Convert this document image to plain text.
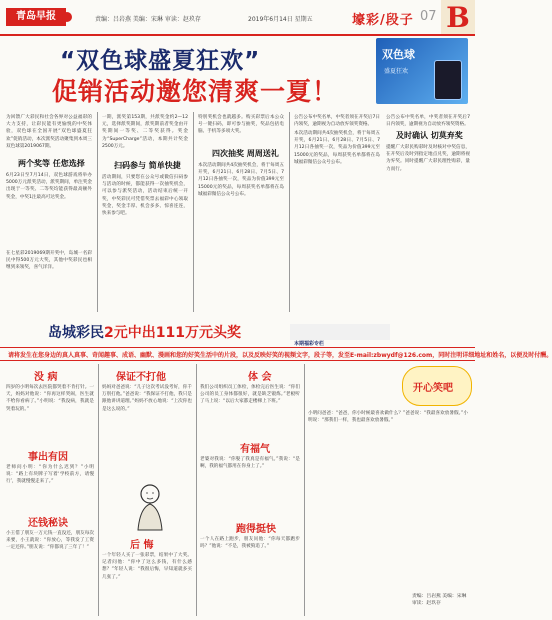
青岛早报	责编：吕岩燕 美编：宋琳 审读：赵玖存	2019年6月14日 星期五	壕彩/段子 07 B
“双色球盛夏狂欢”
促销活动邀您清爽一夏！
双色球
盛夏狂欢
为回馈广大彩民和社会各界对公益福彩的大力支持，让彩民能有更愉悦的中奖体验，双色球在全国开展“双色球盛夏狂欢”促销活动，本次派奖活动聚集到本周三双色球第2019067期。
两个奖等 任您选择
6月23日至7月14日，双色球游戏将举办5000万元派奖活动，派奖期间，单注奖金出现于一等奖、二等奖均能获得最高额外奖金，中奖1注最高可达奖金。
在七星彩2019069期开奖中，岛城一名彩民中得500万元大奖，其他中奖彩民也相继到来领奖，喜气洋洋。
一期，派奖第153期，共派奖金约2—12元，选择派奖期间，派奖期前者奖金由开奖期间一等奖、二等奖获得。奖金为“SuperCharge”活动，本期共计奖金2500万元。
扫码参与 简单快捷
活动期间，只要您在公众号或微信扫码参与活动的时候，都能获得一次抽奖机会，可以参与派奖活动，活动结束后统一开奖，中奖彩民可凭借奖票去福彩中心领取奖金，奖金丰厚、机会多多、惊喜连连，快来参与吧。
特别奖机会也就越多。购买彩票后本公众号一键扫码，即可参与抽奖，奖品包括电脑、手机等多项大奖。
四次抽奖 周周送礼
本次活动期间共4次抽奖机会，将于每周五开奖，6月21日、6月28日、7月5日、7月12日各抽奖一次，奖品为价值399元至15000元的奖品，每周获奖名单都将在岛城福彩微信公众号公布。
公告公布中奖名单，中奖者须在开奖后7日内领奖，逾期视为自动放弃领奖资格。
公告公布中奖名单，中奖者须在开奖后7日内领奖，逾期视为自动放弃领奖资格。
及时确认 切莫弃奖
提醒广大彩民购彩时及时核对中奖信息，在开奖后及时到指定地点兑奖，逾期将视为弃奖。同时提醒广大彩民理性购彩，量力而行。
本次活动期间共4次抽奖机会，将于每周五开奖，6月21日、6月28日、7月5日、7月12日各抽奖一次，奖品为价值399元至15000元的奖品，每周获奖名单都将在岛城福彩微信公众号公布。
岛城彩民2元中出111万元头奖
本期福彩专栏
请将发生在您身边的真人真事、奇闻趣事、成语、幽默、漫画和您的好笑生活中的片段，以及反映好笑的视频文字，段子等，发至E-mail:zbwydf@126.com，同时注明详细地址和姓名，以便及时付酬。
没 病
四岁的小明每次去医院都哭着不肯打针。一天，妈妈对他说：“你再这样哭闹，医生就不给你看病了。”小明说：“我没病，我就是哭着玩的。”
事出有因
老师问小明：“你为什么迟到？”小明说：“路上有块牌子写着‘学校前方，请慢行’，我就慢慢走来了。”
还钱秘诀
小王借了朋友一万元钱一直没还，朋友每次来要，小王就说：“你放心，等我发了工资一定还你。”朋友说：“你都说了三年了！”
保证不打他
妈妈对爸爸说：“儿子这次考试没考好，你千万别打他。”爸爸说：“我保证不打他，我只是跟他讲讲道理。”妈妈不放心地说：“上次你也是这么说的。”
后 悔
一个年轻人买了一张彩票，结果中了大奖。记者问他：“你中了这么多钱，有什么感想？”年轻人说：“我很后悔，早知道就多买几张了。”
体 会
我们公司组织员工体检，体检完后医生说：“你们公司的员工身体都很好，就是缺乏锻炼。”老板听了马上说：“以后大家都走楼梯上下班。”
有福气
老婆对我说：“你娶了我真是有福气。”我说：“是啊，我的福气都用在你身上了。”
跑得挺快
一个人在路上跑步，朋友问他：“你每天都跑步吗？”他说：“不是，我被狗追了。”
开心笑吧
小明问爸爸：“爸爸，你小时候最喜欢做什么？”爸爸说：“我最喜欢放暑假。”小明说：“那我们一样，我也最喜欢放暑假。”
责编：吕岩燕 美编：宋琳 审读：赵玖存
